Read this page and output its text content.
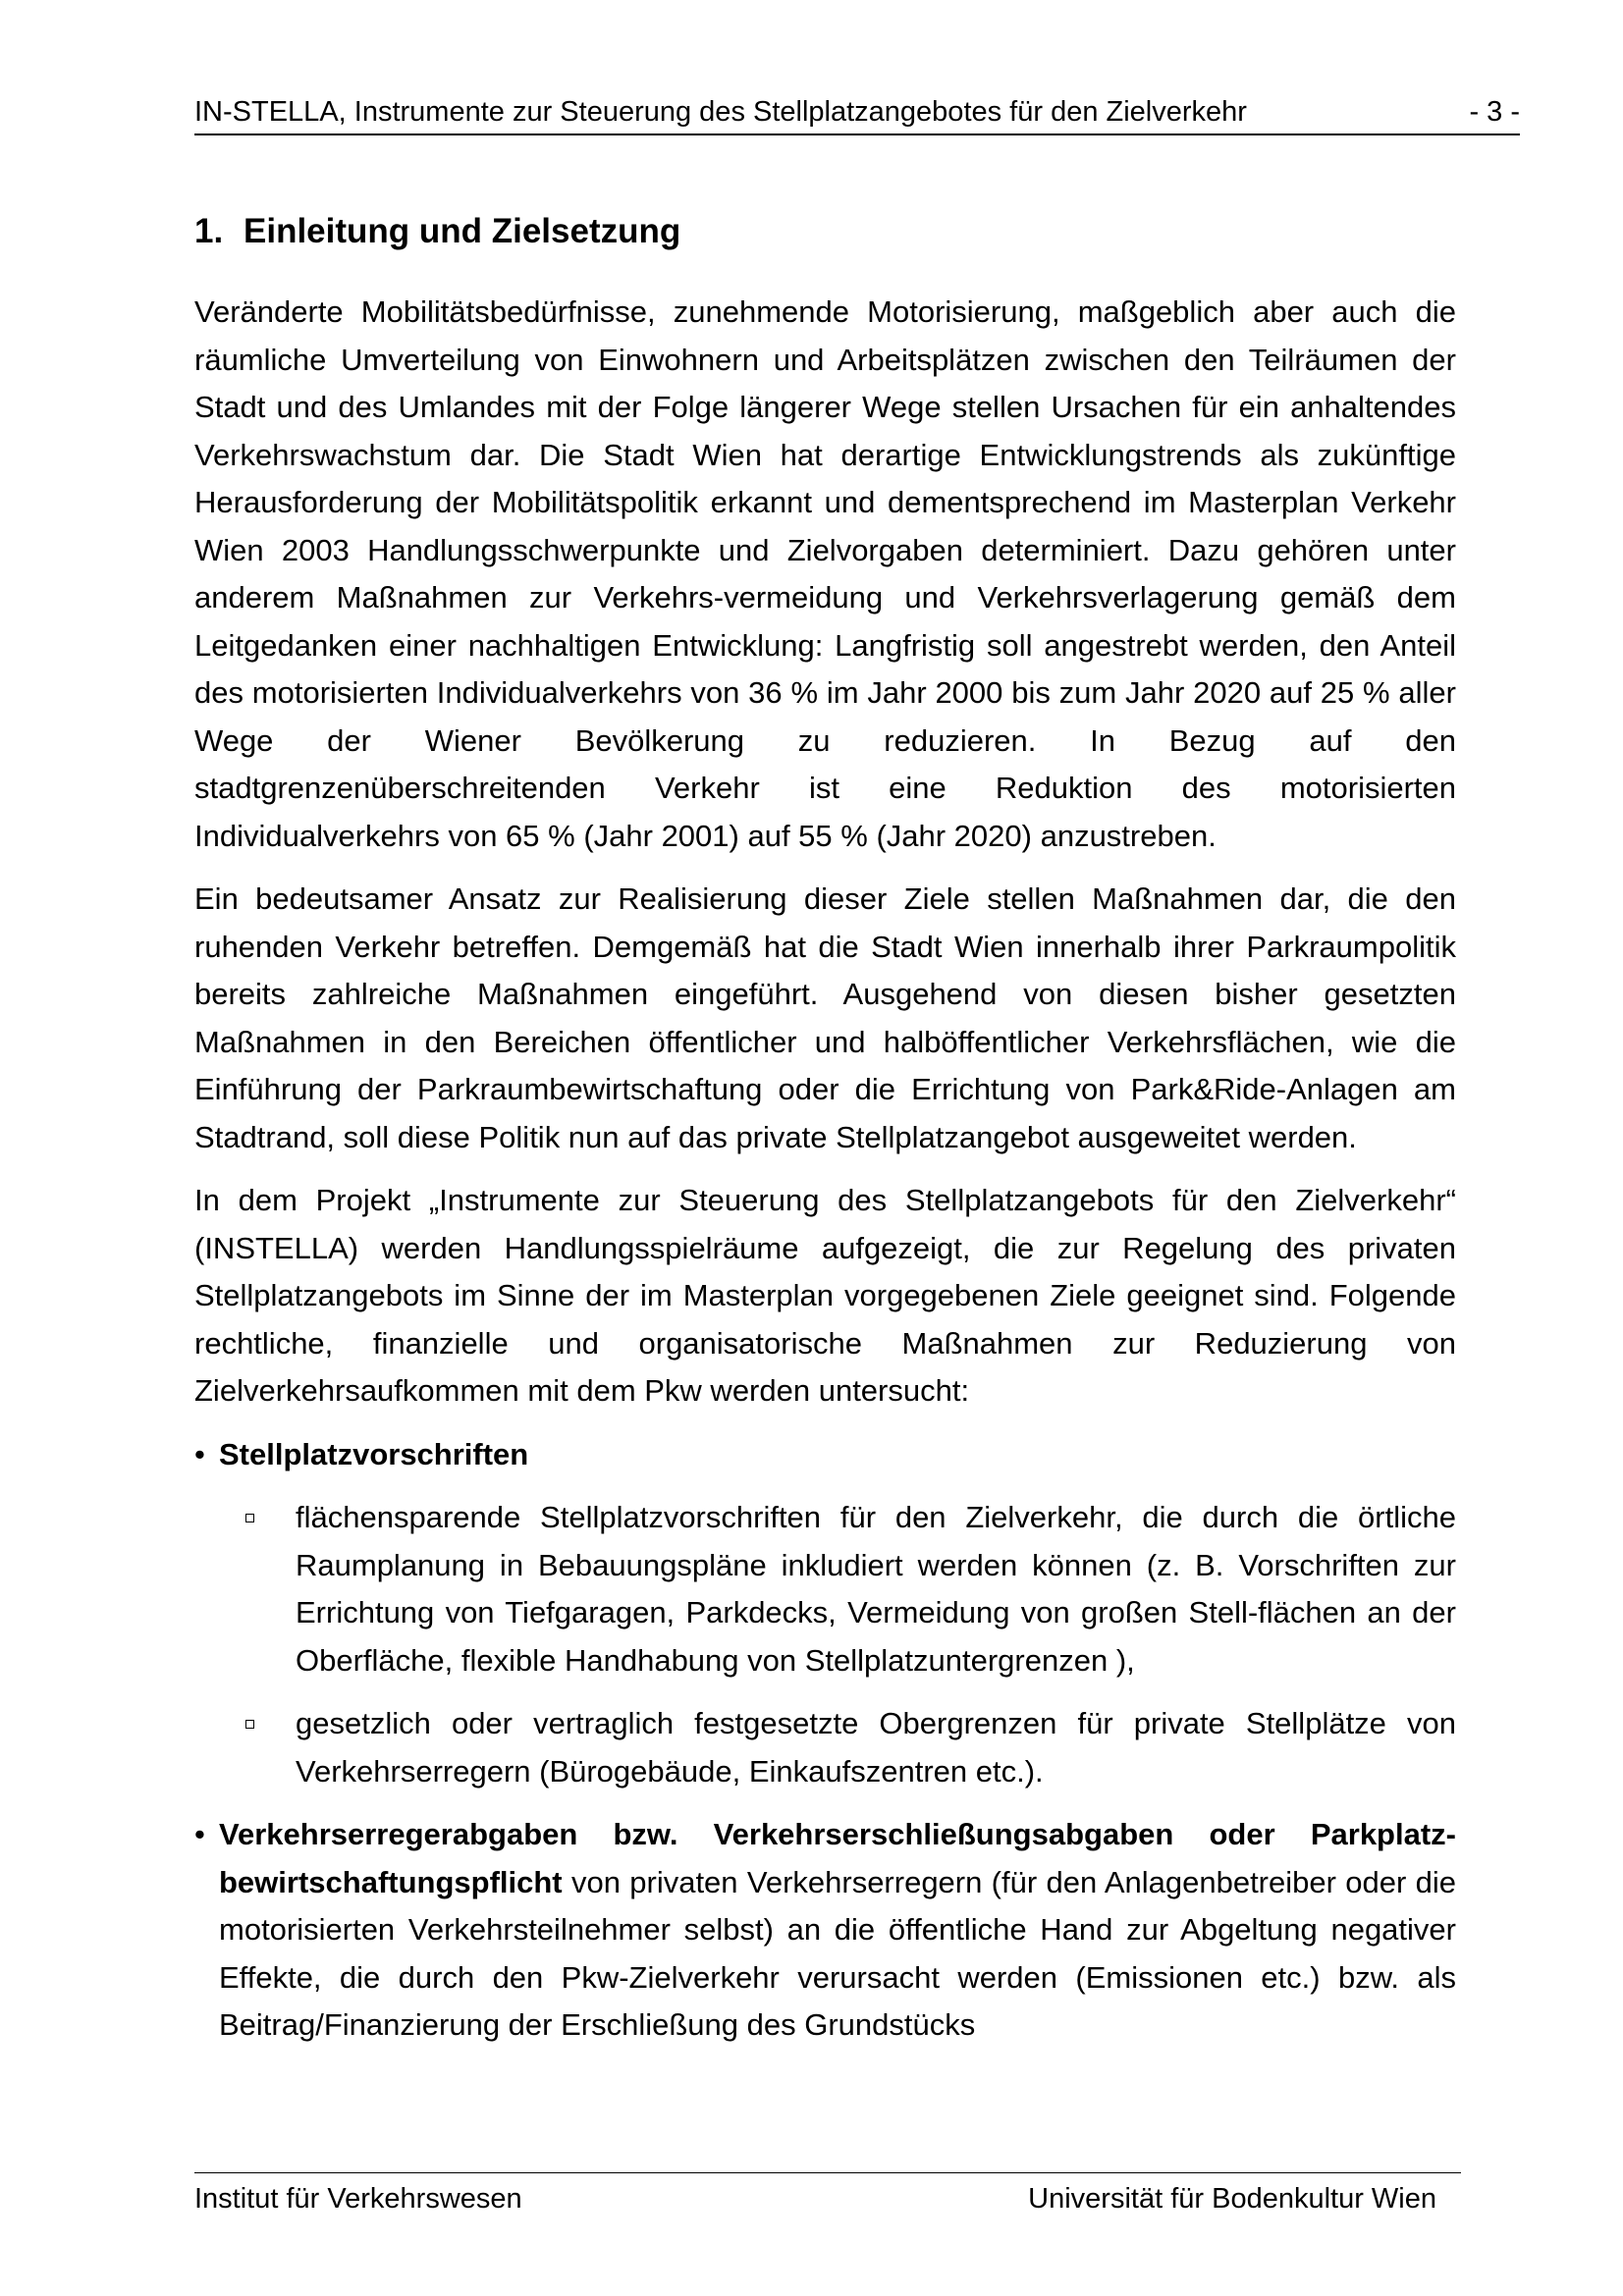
IN-STELLA, Instrumente zur Steuerung des Stellplatzangebotes für den Zielverkehr	- 3 -
1. Einleitung und Zielsetzung

Veränderte Mobilitätsbedürfnisse, zunehmende Motorisierung, maßgeblich aber auch die räumliche Umverteilung von Einwohnern und Arbeitsplätzen zwischen den Teilräumen der Stadt und des Umlandes mit der Folge längerer Wege stellen Ursachen für ein anhaltendes Verkehrswachstum dar. Die Stadt Wien hat derartige Entwicklungstrends als zukünftige Herausforderung der Mobilitätspolitik erkannt und dementsprechend im Masterplan Verkehr Wien 2003 Handlungsschwerpunkte und Zielvorgaben determiniert. Dazu gehören unter anderem Maßnahmen zur Verkehrs-vermeidung und Verkehrsverlagerung gemäß dem Leitgedanken einer nachhaltigen Entwicklung: Langfristig soll angestrebt werden, den Anteil des motorisierten Individualverkehrs von 36 % im Jahr 2000 bis zum Jahr 2020 auf 25 % aller Wege der Wiener Bevölkerung zu reduzieren. In Bezug auf den stadtgrenzenüberschreitenden Verkehr ist eine Reduktion des motorisierten Individualverkehrs von 65 % (Jahr 2001) auf 55 % (Jahr 2020) anzustreben.

Ein bedeutsamer Ansatz zur Realisierung dieser Ziele stellen Maßnahmen dar, die den ruhenden Verkehr betreffen. Demgemäß hat die Stadt Wien innerhalb ihrer Parkraumpolitik bereits zahlreiche Maßnahmen eingeführt. Ausgehend von diesen bisher gesetzten Maßnahmen in den Bereichen öffentlicher und halböffentlicher Verkehrsflächen, wie die Einführung der Parkraumbewirtschaftung oder die Errichtung von Park&Ride-Anlagen am Stadtrand, soll diese Politik nun auf das private Stellplatzangebot ausgeweitet werden.

In dem Projekt „Instrumente zur Steuerung des Stellplatzangebots für den Zielverkehr“ (INSTELLA) werden Handlungsspielräume aufgezeigt, die zur Regelung des privaten Stellplatzangebots im Sinne der im Masterplan vorgegebenen Ziele geeignet sind. Folgende rechtliche, finanzielle und organisatorische Maßnahmen zur Reduzierung von Zielverkehrsaufkommen mit dem Pkw werden untersucht:

• Stellplatzvorschriften
flächensparende Stellplatzvorschriften für den Zielverkehr, die durch die örtliche Raumplanung in Bebauungspläne inkludiert werden können (z. B. Vorschriften zur Errichtung von Tiefgaragen, Parkdecks, Vermeidung von großen Stell-flächen an der Oberfläche, flexible Handhabung von Stellplatzuntergrenzen ),
gesetzlich oder vertraglich festgesetzte Obergrenzen für private Stellplätze von Verkehrserregern (Bürogebäude, Einkaufszentren etc.).
• Verkehrserregerabgaben bzw. Verkehrserschließungsabgaben oder Parkplatz-bewirtschaftungspflicht von privaten Verkehrserregern (für den Anlagenbetreiber oder die motorisierten Verkehrsteilnehmer selbst) an die öffentliche Hand zur Abgeltung negativer Effekte, die durch den Pkw-Zielverkehr verursacht werden (Emissionen etc.) bzw. als Beitrag/Finanzierung der Erschließung des Grundstücks
Institut für Verkehrswesen	Universität für Bodenkultur Wien
